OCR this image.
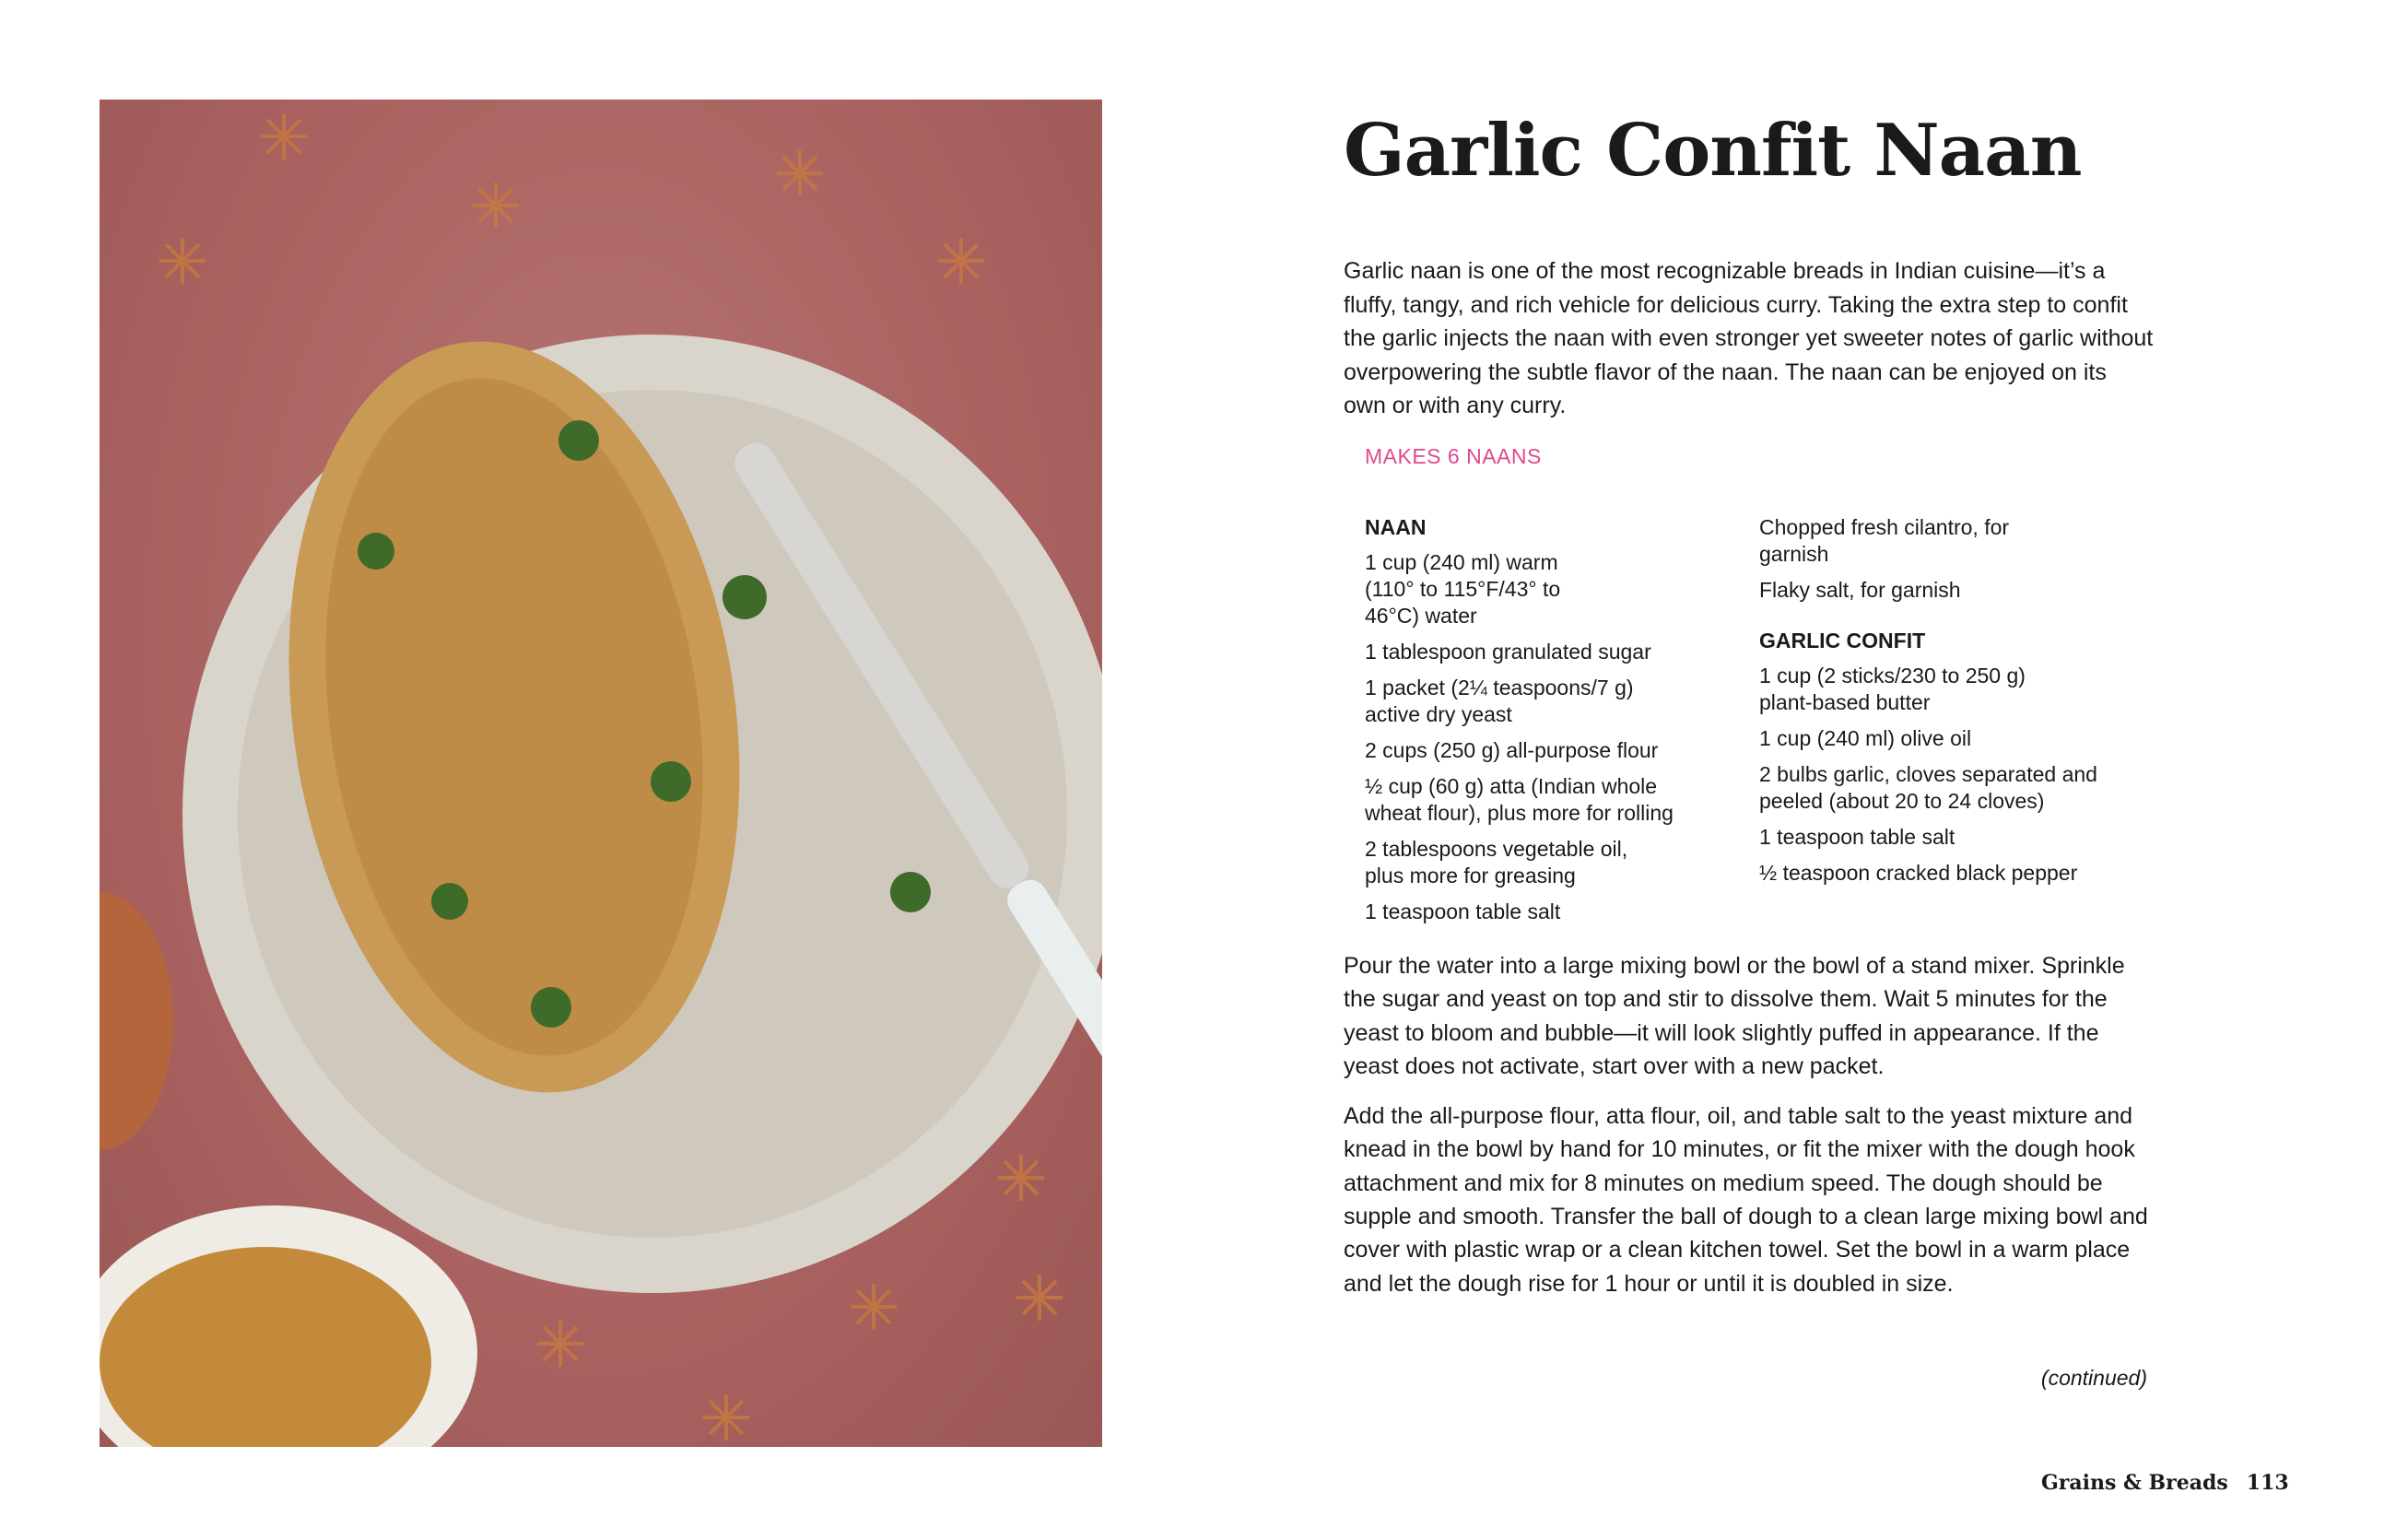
Garlic Confit Naan

Garlic naan is one of the most recognizable breads in Indian cuisine—it’s a fluffy, tangy, and rich vehicle for delicious curry. Taking the extra step to confit the garlic injects the naan with even stronger yet sweeter notes of garlic without overpowering the subtle flavor of the naan. The naan can be enjoyed on its own or with any curry.

MAKES 6 NAANS
NAAN
1 cup (240 ml) warm (110° to 115°F/43° to 46°C) water
1 tablespoon granulated sugar
1 packet (2¼ teaspoons/7 g) active dry yeast
2 cups (250 g) all-purpose flour
½ cup (60 g) atta (Indian whole wheat flour), plus more for rolling
2 tablespoons vegetable oil, plus more for greasing
1 teaspoon table salt
Chopped fresh cilantro, for garnish
Flaky salt, for garnish
GARLIC CONFIT
1 cup (2 sticks/230 to 250 g) plant-based butter
1 cup (240 ml) olive oil
2 bulbs garlic, cloves separated and peeled (about 20 to 24 cloves)
1 teaspoon table salt
½ teaspoon cracked black pepper

Pour the water into a large mixing bowl or the bowl of a stand mixer. Sprinkle the sugar and yeast on top and stir to dissolve them. Wait 5 minutes for the yeast to bloom and bubble—it will look slightly puffed in appearance. If the yeast does not activate, start over with a new packet.

Add the all-purpose flour, atta flour, oil, and table salt to the yeast mixture and knead in the bowl by hand for 10 minutes, or fit the mixer with the dough hook attachment and mix for 8 minutes on medium speed. The dough should be supple and smooth. Transfer the ball of dough to a clean large mixing bowl and cover with plastic wrap or a clean kitchen towel. Set the bowl in a warm place and let the dough rise for 1 hour or until it is doubled in size.

(continued)
Grains & Breads 113
